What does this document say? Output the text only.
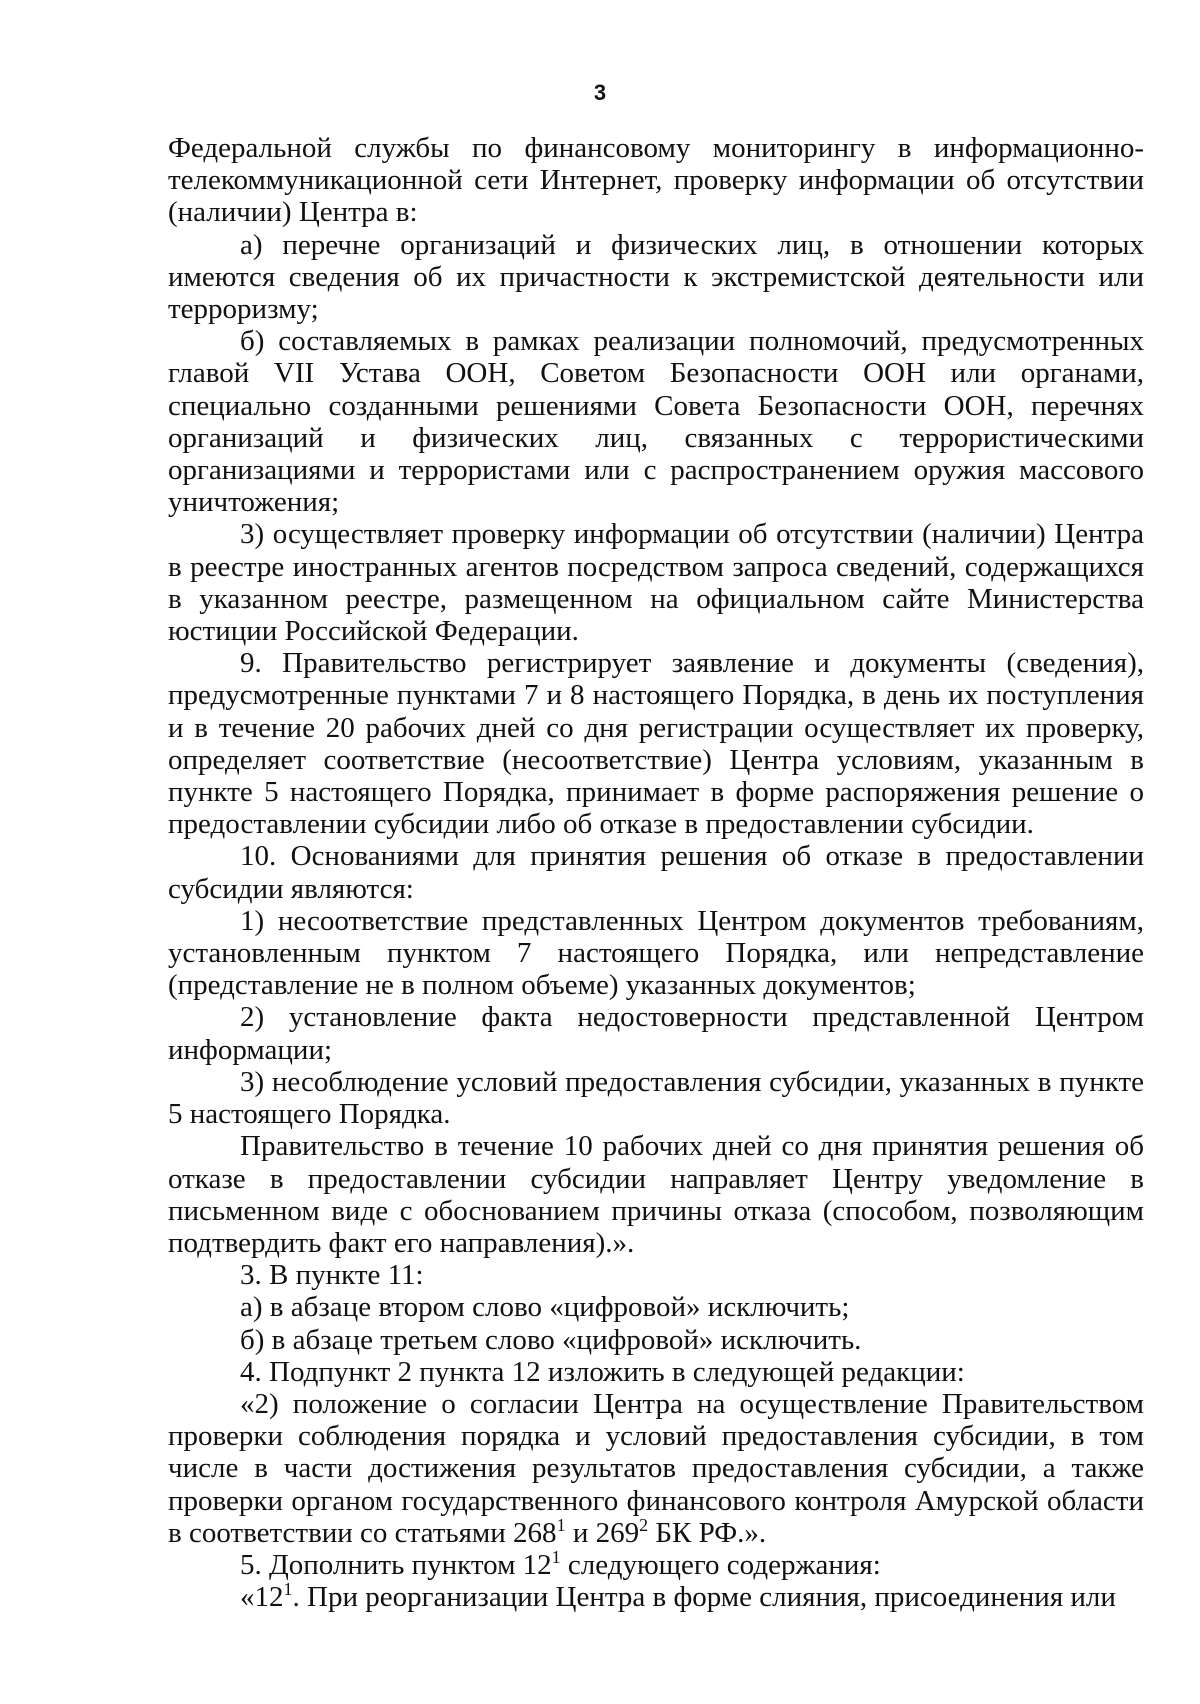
3

Федеральной службы по финансовому мониторингу в информационно-телекоммуникационной сети Интернет, проверку информации об отсутствии (наличии) Центра в:

а) перечне организаций и физических лиц, в отношении которых имеются сведения об их причастности к экстремистской деятельности или терроризму;

б) составляемых в рамках реализации полномочий, предусмотренных главой VII Устава ООН, Советом Безопасности ООН или органами, специально созданными решениями Совета Безопасности ООН, перечнях организаций и физических лиц, связанных с террористическими организациями и террористами или с распространением оружия массового уничтожения;

3) осуществляет проверку информации об отсутствии (наличии) Центра в реестре иностранных агентов посредством запроса сведений, содержащихся в указанном реестре, размещенном на официальном сайте Министерства юстиции Российской Федерации.

9. Правительство регистрирует заявление и документы (сведения), предусмотренные пунктами 7 и 8 настоящего Порядка, в день их поступления и в течение 20 рабочих дней со дня регистрации осуществляет их проверку, определяет соответствие (несоответствие) Центра условиям, указанным в пункте 5 настоящего Порядка, принимает в форме распоряжения решение о предоставлении субсидии либо об отказе в предоставлении субсидии.

10. Основаниями для принятия решения об отказе в предоставлении субсидии являются:

1) несоответствие представленных Центром документов требованиям, установленным пунктом 7 настоящего Порядка, или непредставление (представление не в полном объеме) указанных документов;

2) установление факта недостоверности представленной Центром информации;

3) несоблюдение условий предоставления субсидии, указанных в пункте 5 настоящего Порядка.

Правительство в течение 10 рабочих дней со дня принятия решения об отказе в предоставлении субсидии направляет Центру уведомление в письменном виде с обоснованием причины отказа (способом, позволяющим подтвердить факт его направления).».

3. В пункте 11:

а) в абзаце втором слово «цифровой» исключить;

б) в абзаце третьем слово «цифровой» исключить.

4. Подпункт 2 пункта 12 изложить в следующей редакции:

«2) положение о согласии Центра на осуществление Правительством проверки соблюдения порядка и условий предоставления субсидии, в том числе в части достижения результатов предоставления субсидии, а также проверки органом государственного финансового контроля Амурской области в соответствии со статьями $268^1$ и $269^2$ БК РФ.».

5. Дополнить пунктом $12^1$ следующего содержания:

«$12^1$. При реорганизации Центра в форме слияния, присоединения или
